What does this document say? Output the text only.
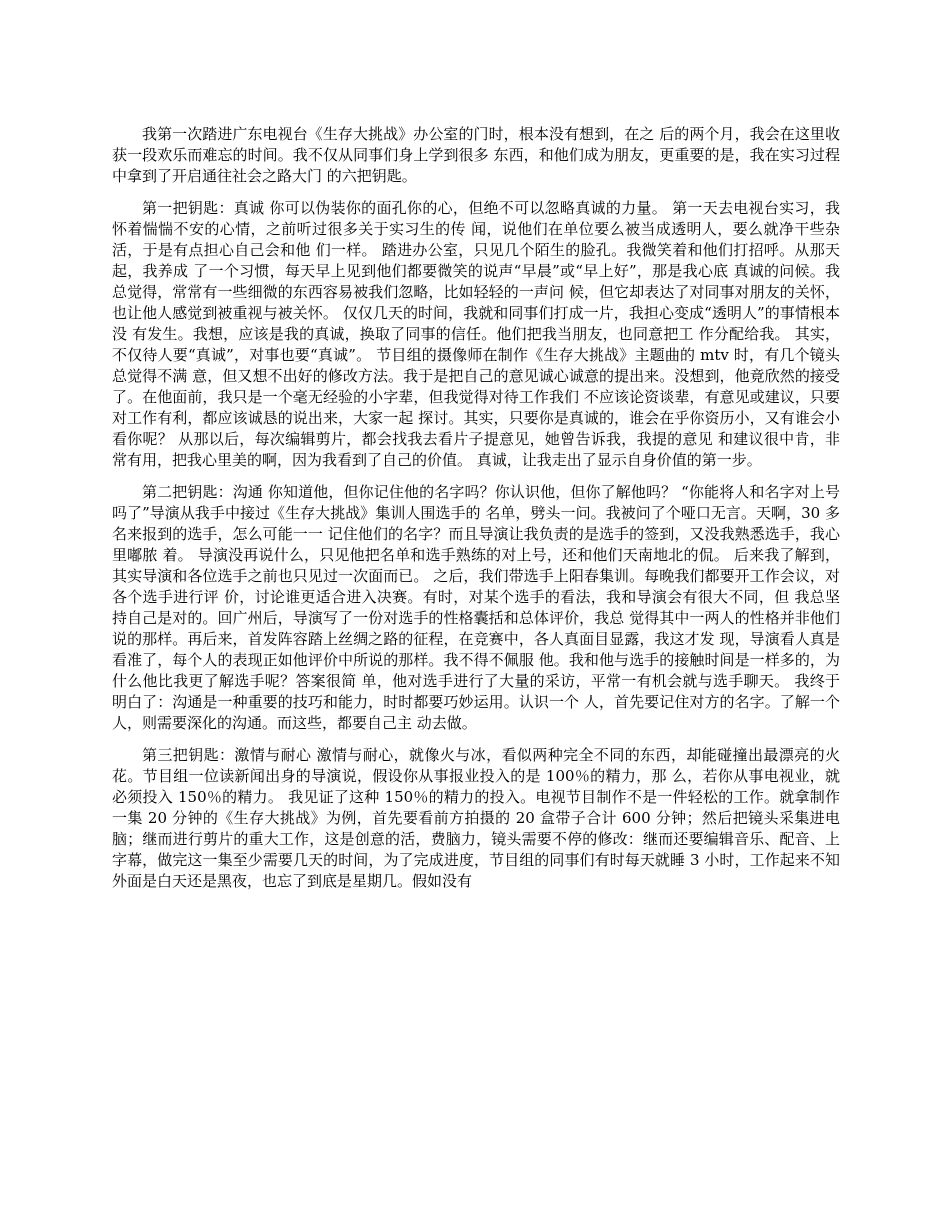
我第一次踏进广东电视台《生存大挑战》办公室的门时，根本没有想到，在之 后的两个月，我会在这里收获一段欢乐而难忘的时间。我不仅从同事们身上学到很多 东西，和他们成为朋友，更重要的是，我在实习过程中拿到了开启通往社会之路大门 的六把钥匙。

第一把钥匙：真诚 你可以伪装你的面孔你的心，但绝不可以忽略真诚的力量。 第一天去电视台实习，我怀着惴惴不安的心情，之前听过很多关于实习生的传 闻，说他们在单位要么被当成透明人，要么就净干些杂活，于是有点担心自己会和他 们一样。 踏进办公室，只见几个陌生的脸孔。我微笑着和他们打招呼。从那天起，我养成 了一个习惯，每天早上见到他们都要微笑的说声“早晨”或“早上好”，那是我心底 真诚的问候。我总觉得，常常有一些细微的东西容易被我们忽略，比如轻轻的一声问 候，但它却表达了对同事对朋友的关怀，也让他人感觉到被重视与被关怀。 仅仅几天的时间，我就和同事们打成一片，我担心变成“透明人”的事情根本没 有发生。我想，应该是我的真诚，换取了同事的信任。他们把我当朋友，也同意把工 作分配给我。 其实，不仅待人要“真诚”，对事也要“真诚”。 节目组的摄像师在制作《生存大挑战》主题曲的 mtv 时，有几个镜头总觉得不满 意，但又想不出好的修改方法。我于是把自己的意见诚心诚意的提出来。没想到，他竟欣然的接受了。在他面前，我只是一个毫无经验的小字辈，但我觉得对待工作我们 不应该论资谈辈，有意见或建议，只要对工作有利，都应该诚恳的说出来，大家一起 探讨。其实，只要你是真诚的，谁会在乎你资历小，又有谁会小看你呢？ 从那以后，每次编辑剪片，都会找我去看片子提意见，她曾告诉我，我提的意见 和建议很中肯，非常有用，把我心里美的啊，因为我看到了自己的价值。 真诚，让我走出了显示自身价值的第一步。

第二把钥匙：沟通 你知道他，但你记住他的名字吗？你认识他，但你了解他吗？ “你能将人和名字对上号吗了”导演从我手中接过《生存大挑战》集训人围选手的 名单，劈头一问。我被问了个哑口无言。天啊，30 多名来报到的选手，怎么可能一一 记住他们的名字？而且导演让我负责的是选手的签到，又没我熟悉选手，我心里嘟脓 着。 导演没再说什么，只见他把名单和选手熟练的对上号，还和他们天南地北的侃。 后来我了解到，其实导演和各位选手之前也只见过一次面而已。 之后，我们带选手上阳春集训。每晚我们都要开工作会议，对各个选手进行评 价，讨论谁更适合进入决赛。有时，对某个选手的看法，我和导演会有很大不同，但 我总坚持自己是对的。回广州后，导演写了一份对选手的性格囊括和总体评价，我总 觉得其中一两人的性格并非他们说的那样。再后来，首发阵容踏上丝绸之路的征程，在竞赛中，各人真面目显露，我这才发 现，导演看人真是看准了，每个人的表现正如他评价中所说的那样。我不得不佩服 他。我和他与选手的接触时间是一样多的，为什么他比我更了解选手呢？答案很简 单，他对选手进行了大量的采访，平常一有机会就与选手聊天。 我终于明白了：沟通是一种重要的技巧和能力，时时都要巧妙运用。认识一个 人，首先要记住对方的名字。了解一个人，则需要深化的沟通。而这些，都要自己主 动去做。

第三把钥匙：激情与耐心 激情与耐心，就像火与冰，看似两种完全不同的东西，却能碰撞出最漂亮的火 花。节目组一位读新闻出身的导演说，假设你从事报业投入的是 100％的精力，那 么，若你从事电视业，就必须投入 150％的精力。 我见证了这种 150％的精力的投入。电视节目制作不是一件轻松的工作。就拿制作一集 20 分钟的《生存大挑战》为例，首先要看前方拍摄的 20 盒带子合计 600 分钟；然后把镜头采集进电脑；继而进行剪片的重大工作，这是创意的活，费脑力，镜头需要不停的修改：继而还要编辑音乐、配音、上字幕，做完这一集至少需要几天的时间，为了完成进度，节目组的同事们有时每天就睡 3 小时，工作起来不知外面是白天还是黑夜，也忘了到底是星期几。假如没有
